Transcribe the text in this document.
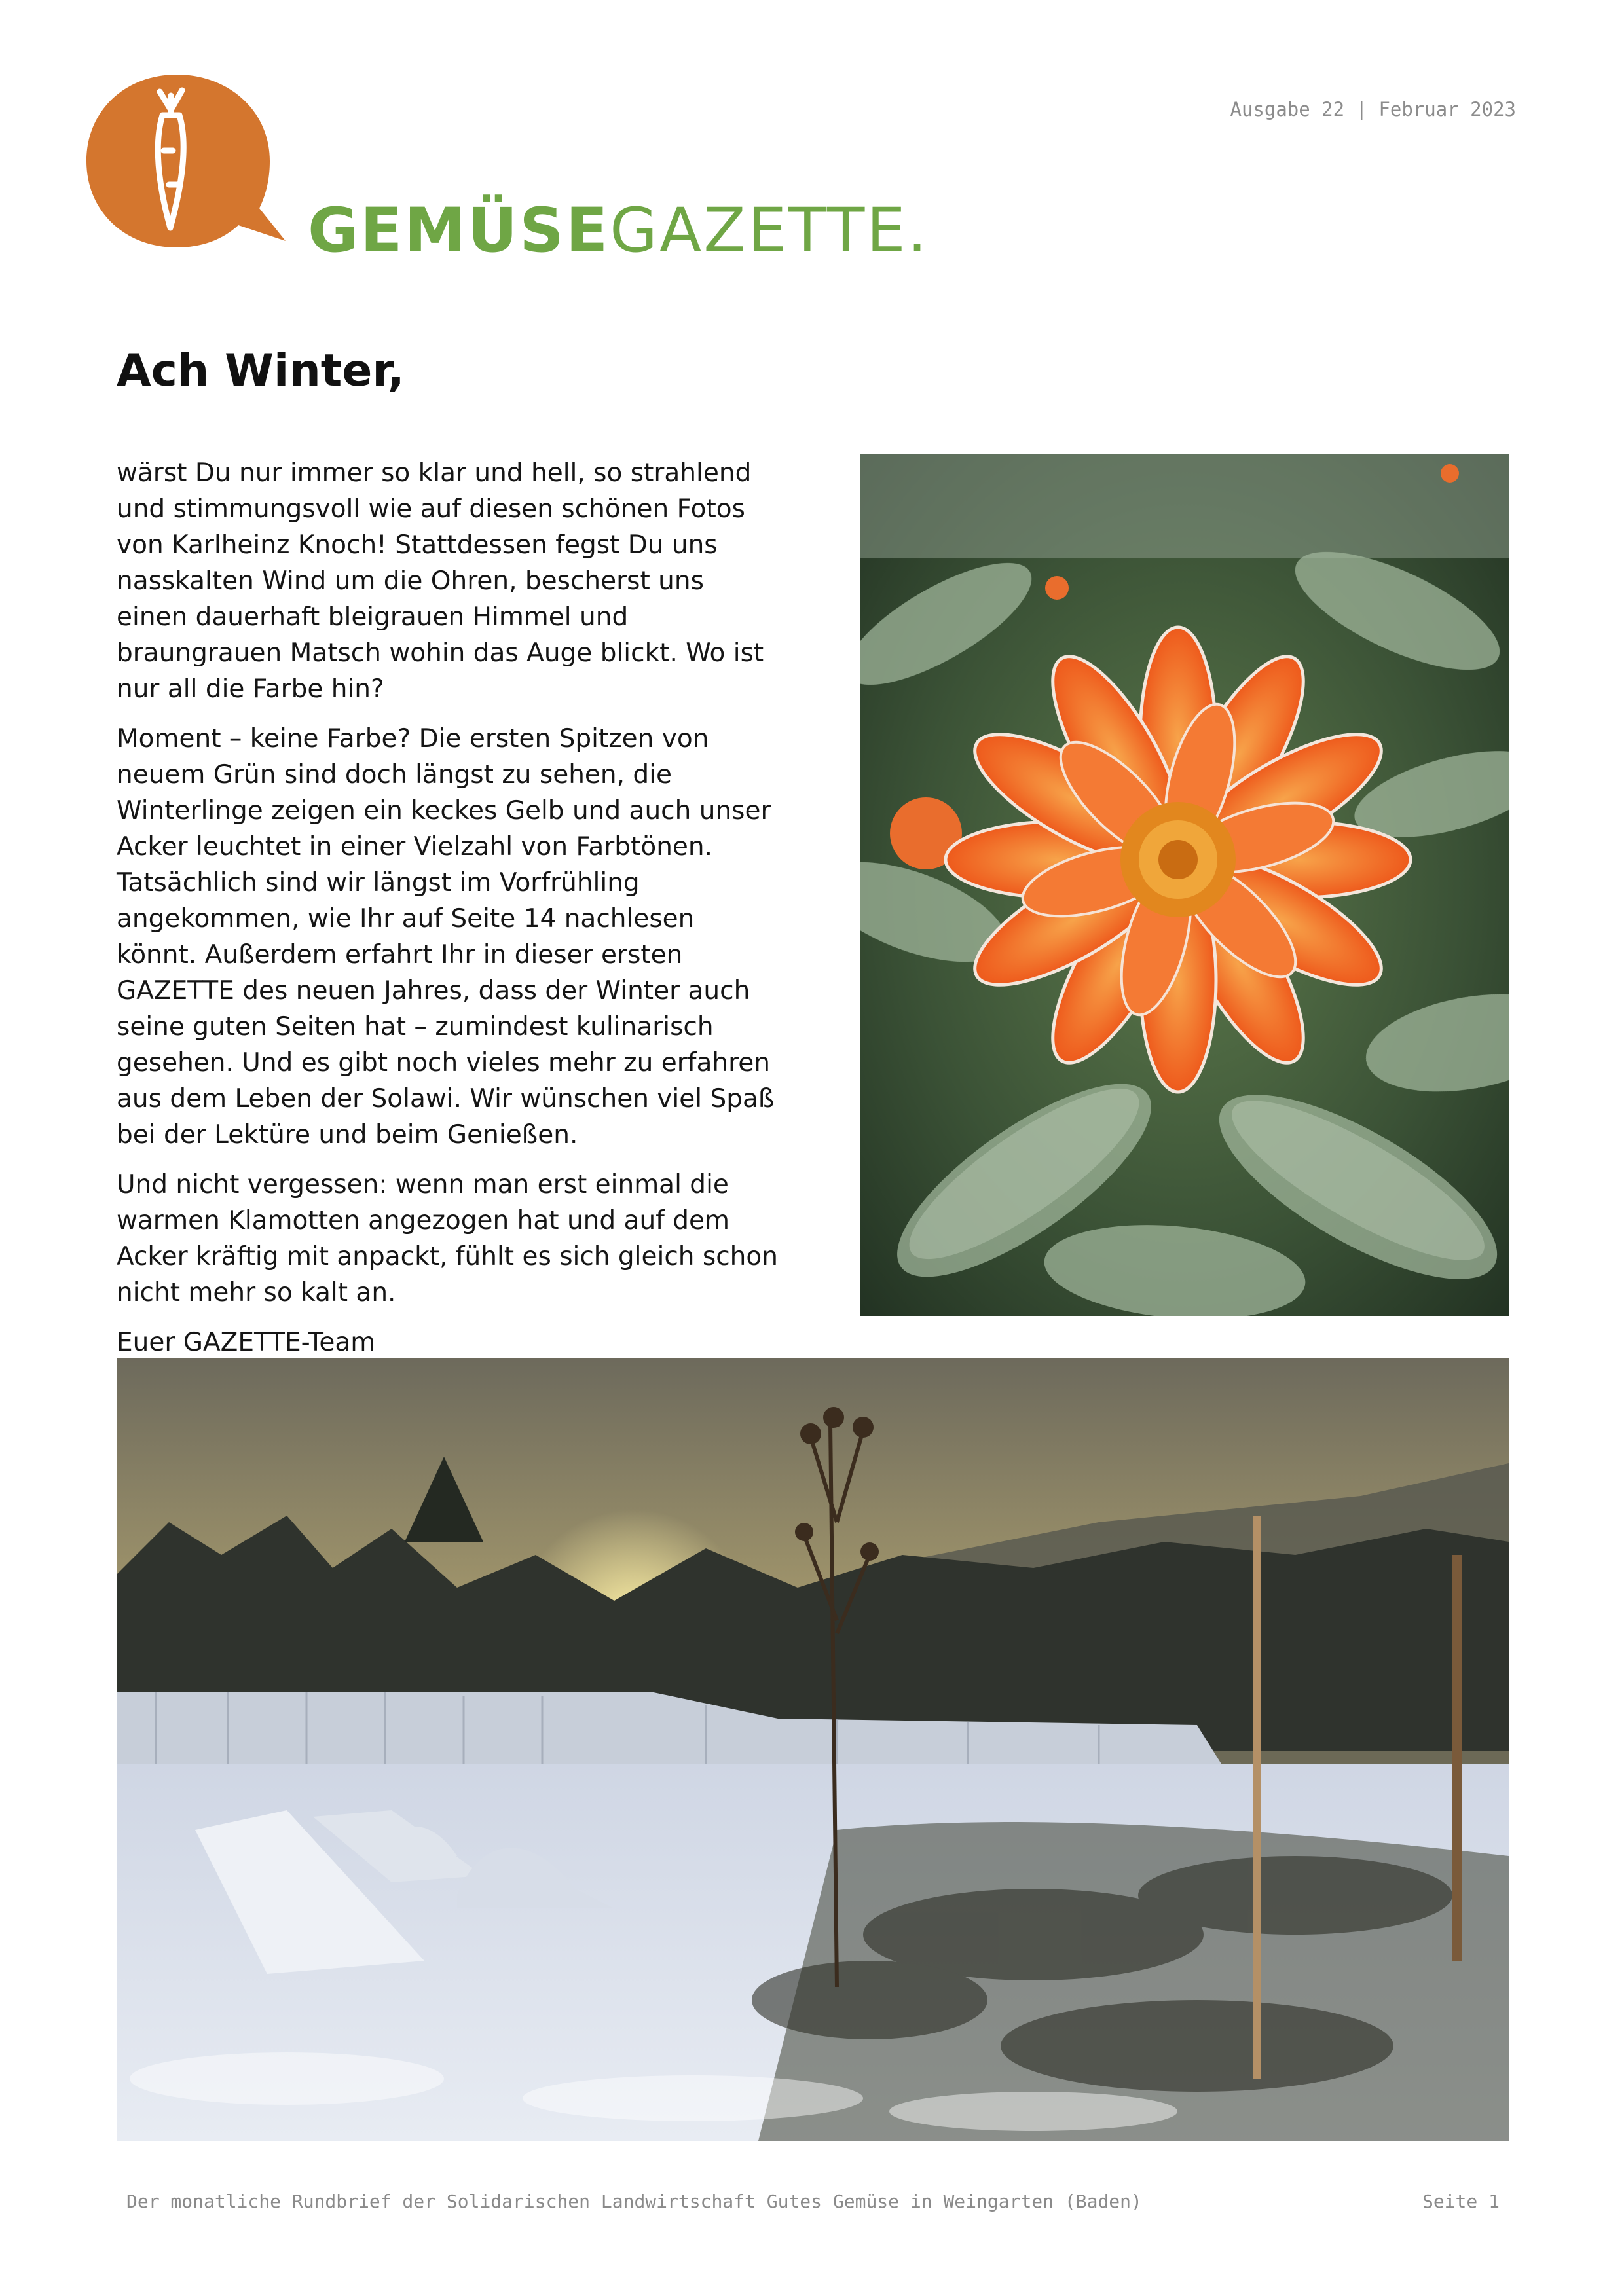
GEMÜSEGAZETTE.
Ausgabe 22 | Februar 2023
Ach Winter,

wärst Du nur immer so klar und hell, so strahlend und stimmungsvoll wie auf diesen schönen Fotos von Karlheinz Knoch! Stattdessen fegst Du uns nasskalten Wind um die Ohren, bescherst uns einen dauerhaft bleigrauen Himmel und braungrauen Matsch wohin das Auge blickt. Wo ist nur all die Farbe hin?

Moment – keine Farbe? Die ersten Spitzen von neuem Grün sind doch längst zu sehen, die Winterlinge zeigen ein keckes Gelb und auch unser Acker leuchtet in einer Vielzahl von Farbtönen. Tatsächlich sind wir längst im Vorfrühling angekommen, wie Ihr auf Seite 14 nachlesen könnt. Außerdem erfahrt Ihr in dieser ersten GAZETTE des neuen Jahres, dass der Winter auch seine guten Seiten hat – zumindest kulinarisch gesehen. Und es gibt noch vieles mehr zu erfahren aus dem Leben der Solawi. Wir wünschen viel Spaß bei der Lektüre und beim Genießen.

Und nicht vergessen: wenn man erst einmal die warmen Klamotten angezogen hat und auf dem Acker kräftig mit anpackt, fühlt es sich gleich schon nicht mehr so kalt an.

Euer GAZETTE-Team

Der monatliche Rundbrief der Solidarischen Landwirtschaft Gutes Gemüse in Weingarten (Baden)	Seite 1
